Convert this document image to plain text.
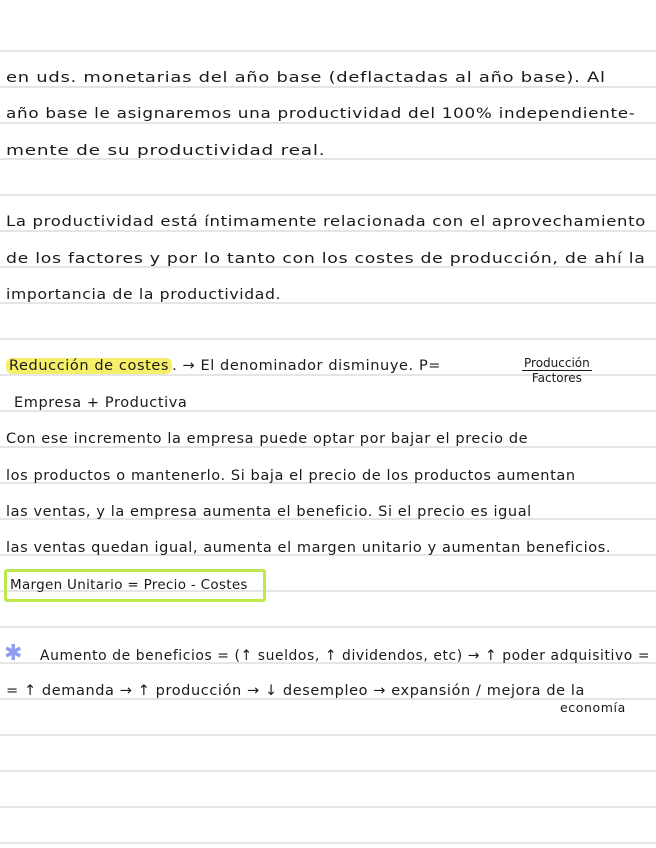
en uds. monetarias del año base (deflactadas al año base). Al
año base le asignaremos una productividad del 100% independiente-
mente de su productividad real.
La productividad está íntimamente relacionada con el aprovechamiento
de los factores y por lo tanto con los costes de producción, de ahí la
importancia de la productividad.
Reducción de costes . → El denominador disminuye. P=	Producción
Factores
Empresa + Productiva
Con ese incremento la empresa puede optar por bajar el precio de
los productos o mantenerlo. Si baja el precio de los productos aumentan
las ventas, y la empresa aumenta el beneficio. Si el precio es igual
las ventas quedan igual, aumenta el margen unitario y aumentan beneficios.
Margen Unitario = Precio - Costes
✱ Aumento de beneficios = (↑ sueldos, ↑ dividendos, etc) → ↑ poder adquisitivo =
= ↑ demanda → ↑ producción → ↓ desempleo → expansión / mejora de la
economía
